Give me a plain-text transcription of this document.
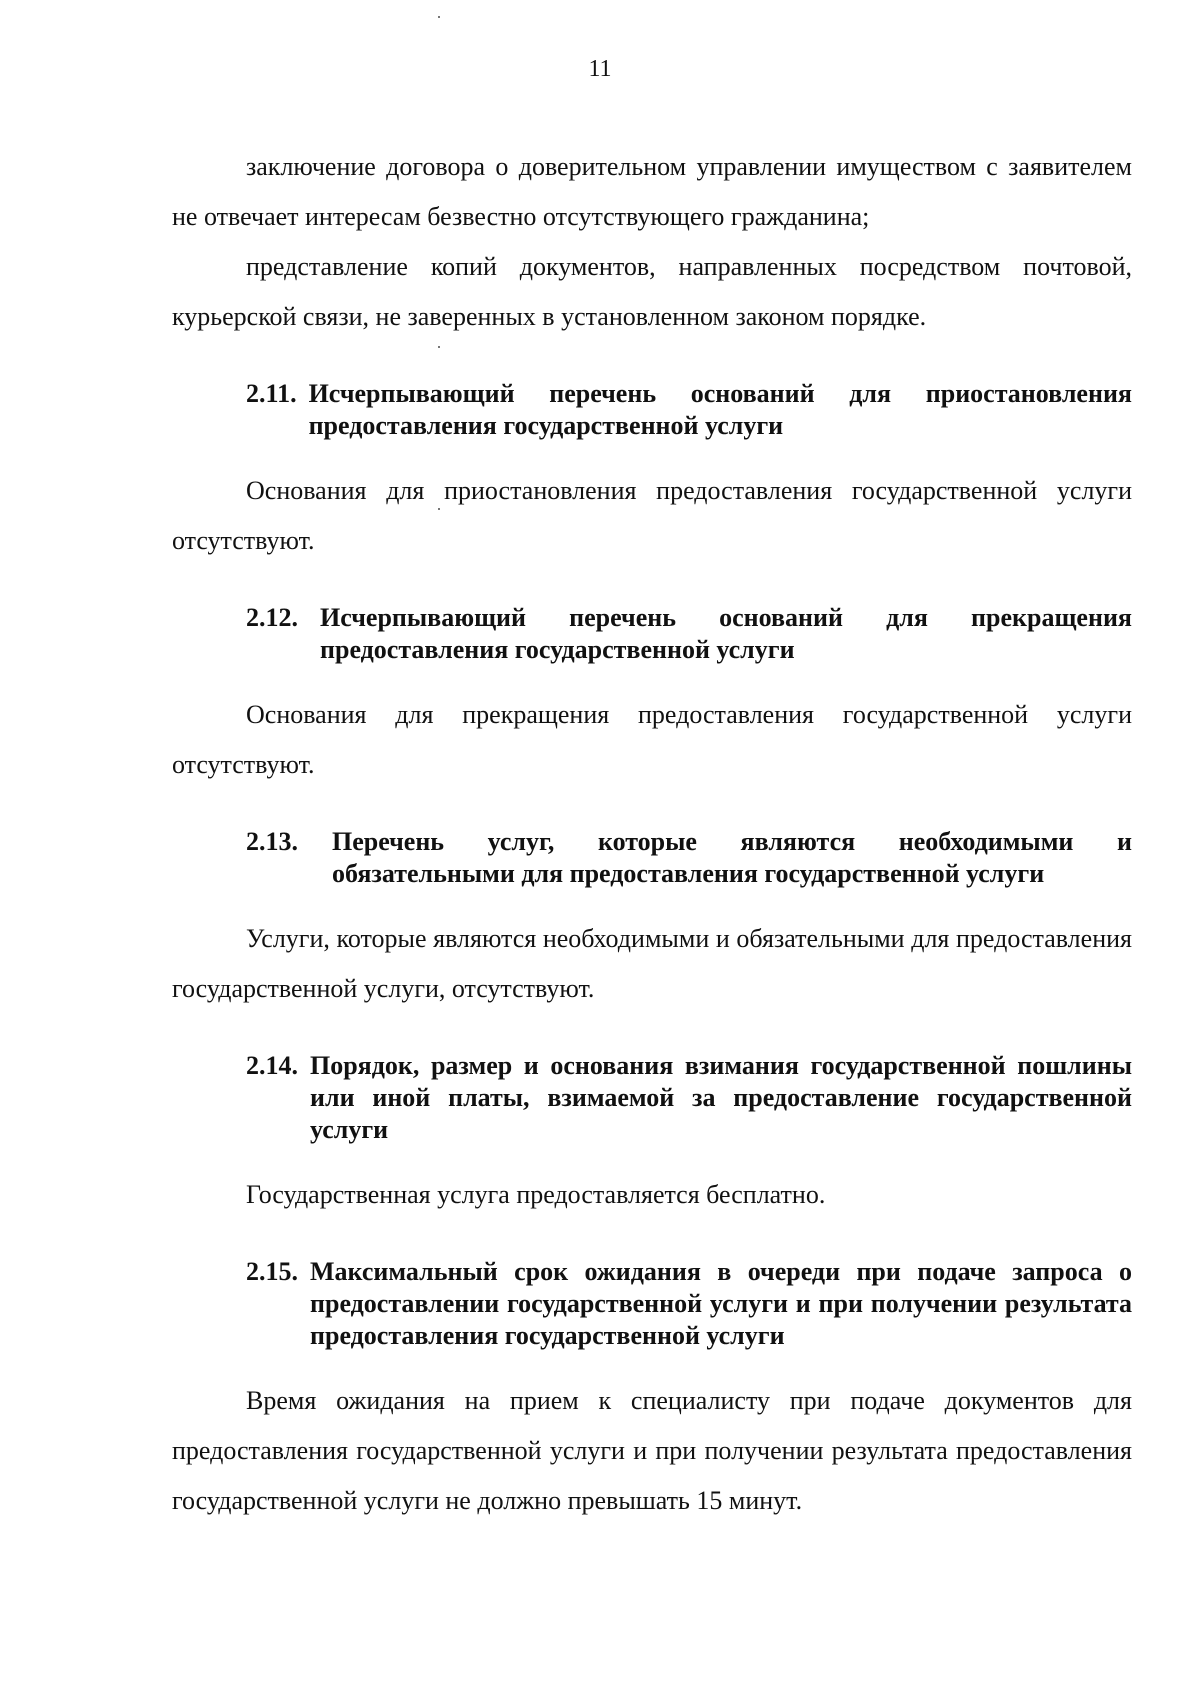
11

заключение договора о доверительном управлении имуществом с заявителем не отвечает интересам безвестно отсутствующего гражданина;

представление копий документов, направленных посредством почтовой, курьерской связи, не заверенных в установленном законом порядке.

2.11. Исчерпывающий перечень оснований для приостановления предоставления государственной услуги

Основания для приостановления предоставления государственной услуги отсутствуют.

2.12. Исчерпывающий перечень оснований для прекращения предоставления государственной услуги

Основания для прекращения предоставления государственной услуги отсутствуют.

2.13.	Перечень услуг, которые являются необходимыми и обязательными для предоставления государственной услуги

Услуги, которые являются необходимыми и обязательными для предоставления государственной услуги, отсутствуют.

2.14. Порядок, размер и основания взимания государственной пошлины или иной платы, взимаемой за предоставление государственной услуги

Государственная услуга предоставляется бесплатно.

2.15. Максимальный срок ожидания в очереди при подаче запроса о предоставлении государственной услуги и при получении результата предоставления государственной услуги

Время ожидания на прием к специалисту при подаче документов для предоставления государственной услуги и при получении результата предоставления государственной услуги не должно превышать 15 минут.
